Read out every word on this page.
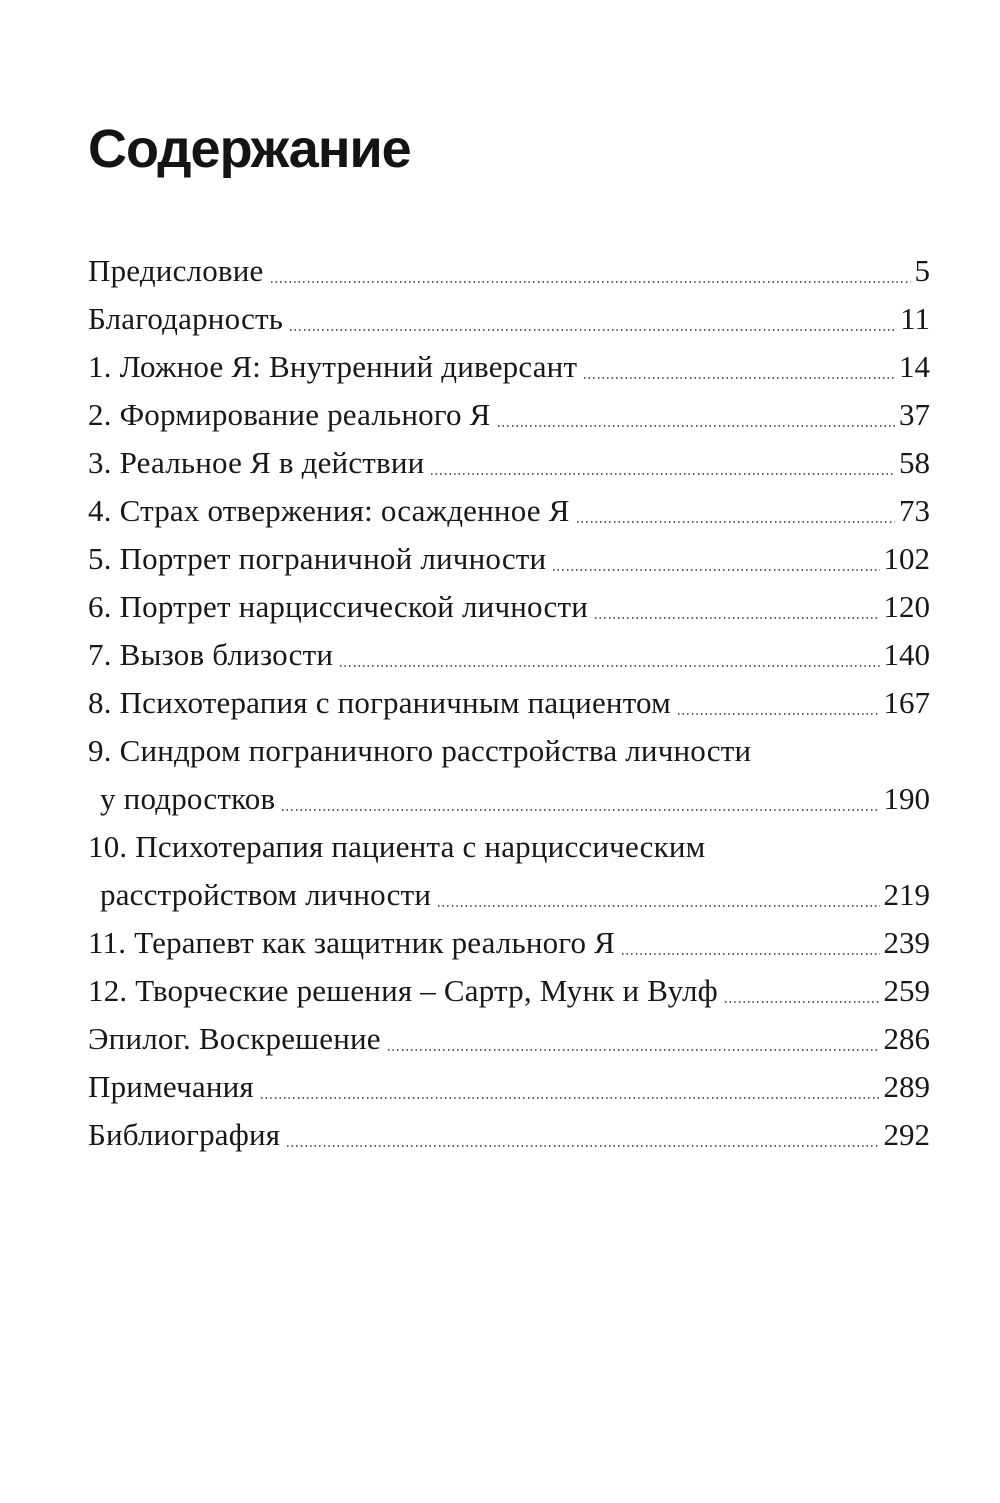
Содержание
Предисловие	5
Благодарность	11
1. Ложное Я: Внутренний диверсант	14
2. Формирование реального Я	37
3. Реальное Я в действии	58
4. Страх отвержения: осажденное Я	73
5. Портрет пограничной личности	102
6. Портрет нарциссической личности	120
7. Вызов близости	140
8. Психотерапия с пограничным пациентом	167
9. Синдром пограничного расстройства личности
у подростков	190
10. Психотерапия пациента с нарциссическим
расстройством личности	219
11. Терапевт как защитник реального Я	239
12. Творческие решения – Сартр, Мунк и Вулф	259
Эпилог. Воскрешение	286
Примечания	289
Библиография	292
